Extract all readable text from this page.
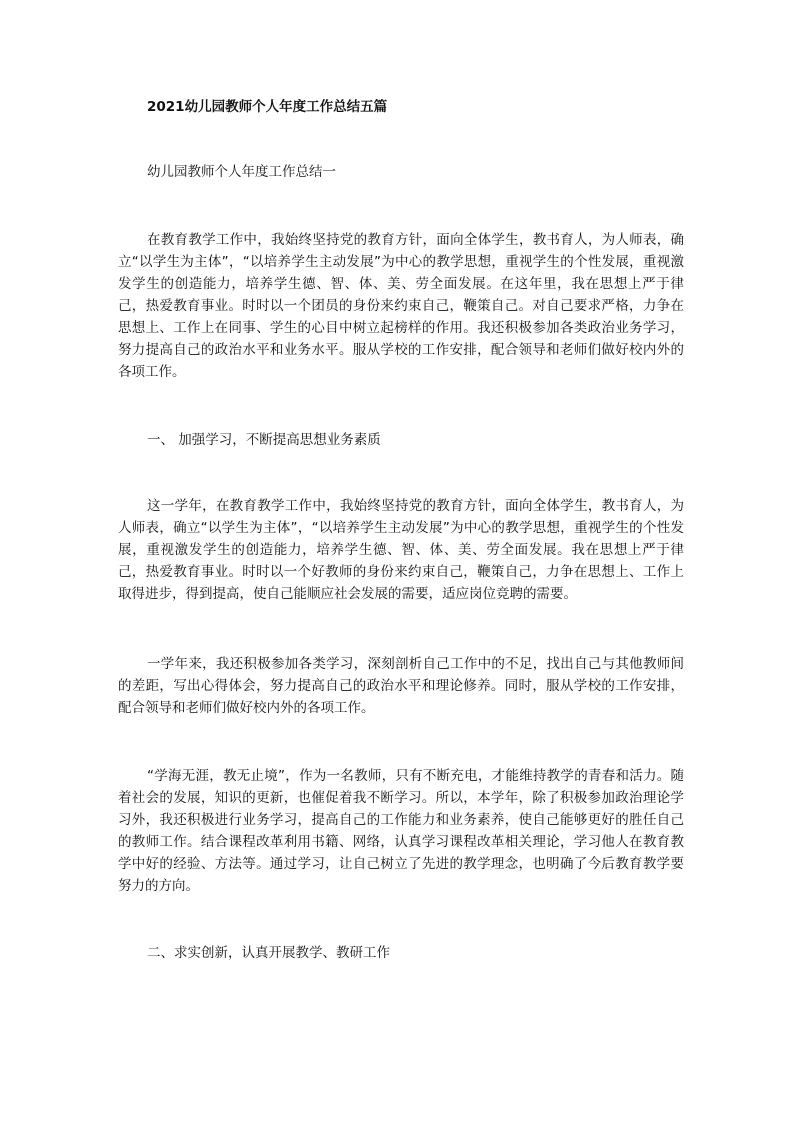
2021幼儿园教师个人年度工作总结五篇
幼儿园教师个人年度工作总结一

在教育教学工作中，我始终坚持党的教育方针，面向全体学生，教书育人，为人师表，确立“以学生为主体”，“以培养学生主动发展”为中心的教学思想，重视学生的个性发展，重视激发学生的创造能力，培养学生德、智、体、美、劳全面发展。在这年里，我在思想上严于律己，热爱教育事业。时时以一个团员的身份来约束自己，鞭策自己。对自己要求严格，力争在思想上、工作上在同事、学生的心目中树立起榜样的作用。我还积极参加各类政治业务学习，努力提高自己的政治水平和业务水平。服从学校的工作安排，配合领导和老师们做好校内外的各项工作。

一、 加强学习，不断提高思想业务素质

这一学年，在教育教学工作中，我始终坚持党的教育方针，面向全体学生，教书育人，为人师表，确立“以学生为主体”，“以培养学生主动发展”为中心的教学思想，重视学生的个性发展，重视激发学生的创造能力，培养学生德、智、体、美、劳全面发展。我在思想上严于律己，热爱教育事业。时时以一个好教师的身份来约束自己，鞭策自己，力争在思想上、工作上取得进步，得到提高，使自己能顺应社会发展的需要，适应岗位竞聘的需要。

一学年来，我还积极参加各类学习，深刻剖析自己工作中的不足，找出自己与其他教师间的差距，写出心得体会，努力提高自己的政治水平和理论修养。同时，服从学校的工作安排，配合领导和老师们做好校内外的各项工作。

“学海无涯，教无止境”，作为一名教师，只有不断充电，才能维持教学的青春和活力。随着社会的发展，知识的更新，也催促着我不断学习。所以，本学年，除了积极参加政治理论学习外，我还积极进行业务学习，提高自己的工作能力和业务素养，使自己能够更好的胜任自己的教师工作。结合课程改革利用书籍、网络，认真学习课程改革相关理论，学习他人在教育教学中好的经验、方法等。通过学习，让自己树立了先进的教学理念，也明确了今后教育教学要努力的方向。

二、求实创新，认真开展教学、教研工作
